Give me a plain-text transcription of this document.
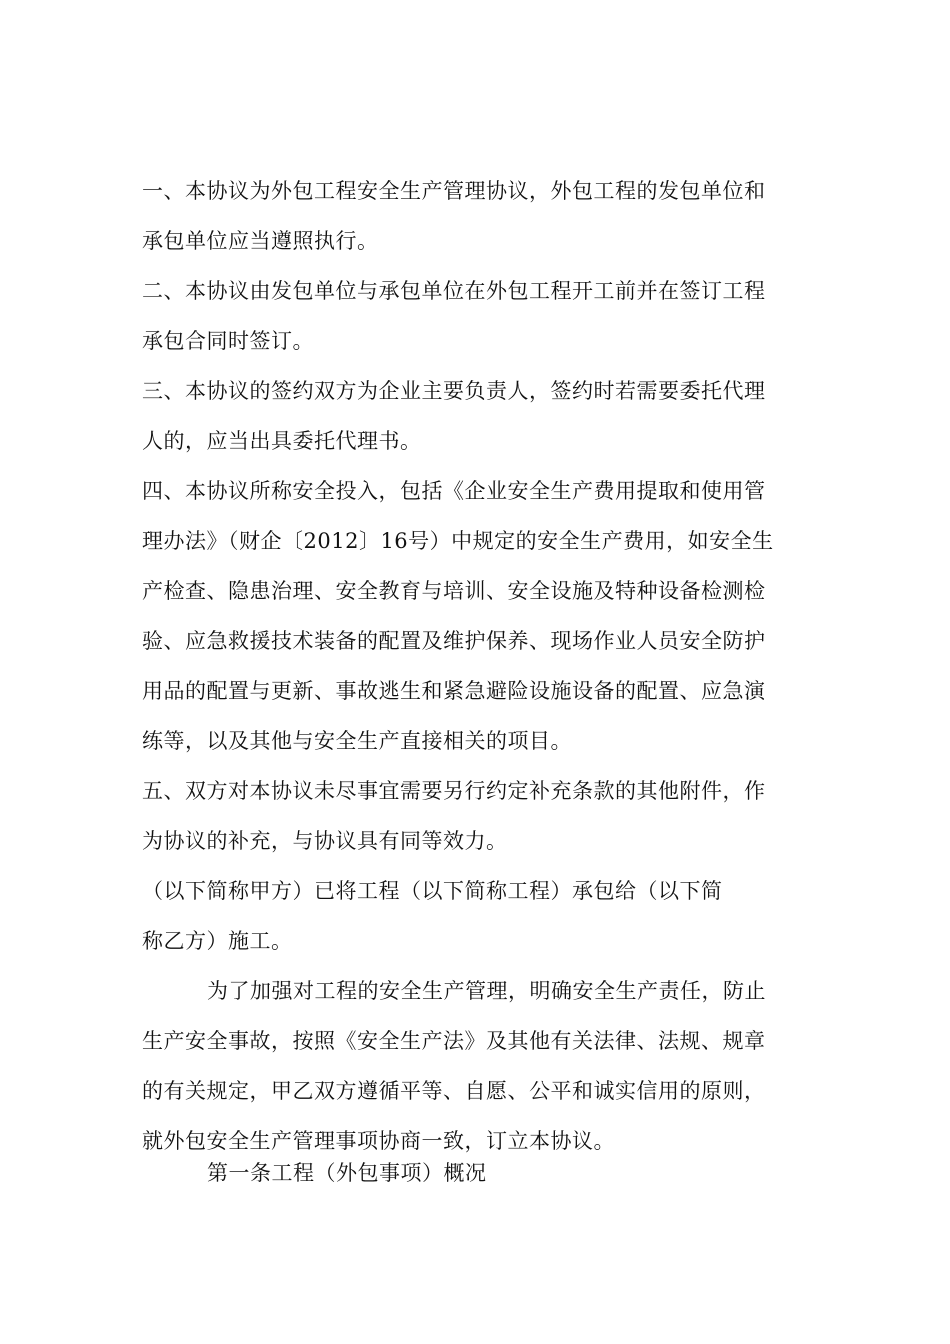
一、本协议为外包工程安全生产管理协议，外包工程的发包单位和
承包单位应当遵照执行。
二、本协议由发包单位与承包单位在外包工程开工前并在签订工程
承包合同时签订。
三、本协议的签约双方为企业主要负责人，签约时若需要委托代理
人的，应当出具委托代理书。
四、本协议所称安全投入，包括《企业安全生产费用提取和使用管
理办法》（财企〔2012〕16号）中规定的安全生产费用，如安全生
产检查、隐患治理、安全教育与培训、安全设施及特种设备检测检
验、应急救援技术装备的配置及维护保养、现场作业人员安全防护
用品的配置与更新、事故逃生和紧急避险设施设备的配置、应急演
练等，以及其他与安全生产直接相关的项目。
五、双方对本协议未尽事宜需要另行约定补充条款的其他附件，作
为协议的补充，与协议具有同等效力。
（以下简称甲方）已将工程（以下简称工程）承包给（以下简
称乙方）施工。
为了加强对工程的安全生产管理，明确安全生产责任，防止
生产安全事故，按照《安全生产法》及其他有关法律、法规、规章
的有关规定，甲乙双方遵循平等、自愿、公平和诚实信用的原则，
就外包安全生产管理事项协商一致，订立本协议。
第一条工程（外包事项）概况
